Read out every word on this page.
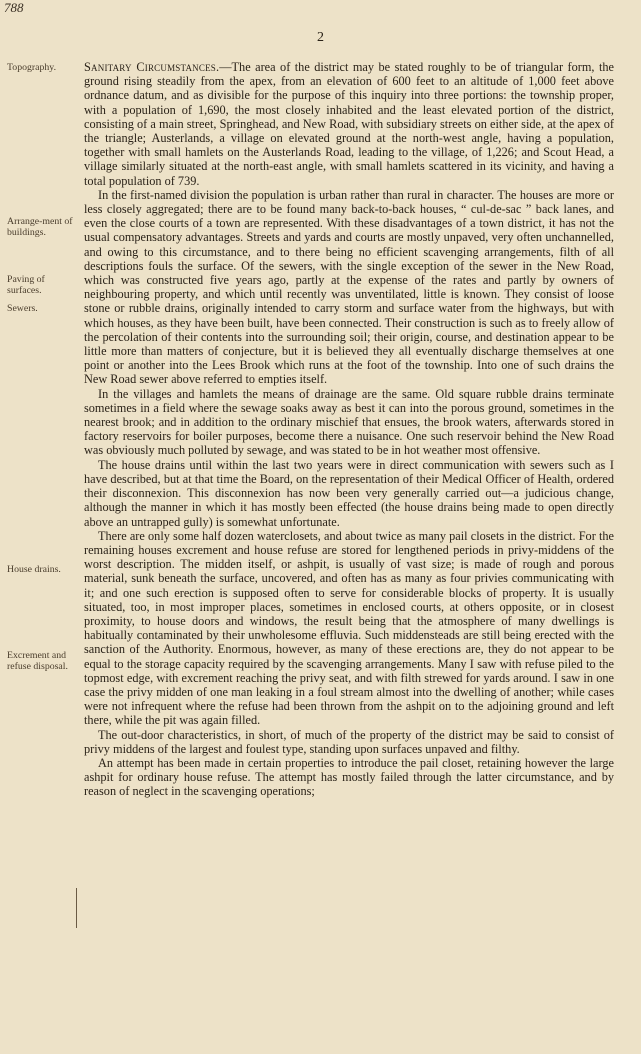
788
2
Topography.
Arrange-ment of buildings.
Paving of surfaces.
Sewers.
House drains.
Excrement and refuse disposal.

Sanitary Circumstances.—The area of the district may be stated roughly to be of triangular form, the ground rising steadily from the apex, from an elevation of 600 feet to an altitude of 1,000 feet above ordnance datum, and as divisible for the purpose of this inquiry into three portions: the township proper, with a population of 1,690, the most closely inhabited and the least elevated portion of the district, consisting of a main street, Springhead, and New Road, with subsidiary streets on either side, at the apex of the triangle; Austerlands, a village on elevated ground at the north-west angle, having a population, together with small hamlets on the Austerlands Road, leading to the village, of 1,226; and Scout Head, a village similarly situated at the north-east angle, with small hamlets scattered in its vicinity, and having a total population of 739.

In the first-named division the population is urban rather than rural in character. The houses are more or less closely aggregated; there are to be found many back-to-back houses, “ cul-de-sac ” back lanes, and even the close courts of a town are represented. With these disadvantages of a town district, it has not the usual compensatory advantages. Streets and yards and courts are mostly unpaved, very often unchannelled, and owing to this circumstance, and to there being no efficient scavenging arrangements, filth of all descriptions fouls the surface. Of the sewers, with the single exception of the sewer in the New Road, which was constructed five years ago, partly at the expense of the rates and partly by owners of neighbouring property, and which until recently was unventilated, little is known. They consist of loose stone or rubble drains, originally intended to carry storm and surface water from the highways, but with which houses, as they have been built, have been connected. Their construction is such as to freely allow of the percolation of their contents into the surrounding soil; their origin, course, and destination appear to be little more than matters of conjecture, but it is believed they all eventually discharge themselves at one point or another into the Lees Brook which runs at the foot of the township. Into one of such drains the New Road sewer above referred to empties itself.

In the villages and hamlets the means of drainage are the same. Old square rubble drains terminate sometimes in a field where the sewage soaks away as best it can into the porous ground, sometimes in the nearest brook; and in addition to the ordinary mischief that ensues, the brook waters, afterwards stored in factory reservoirs for boiler purposes, become there a nuisance. One such reservoir behind the New Road was obviously much polluted by sewage, and was stated to be in hot weather most offensive.

The house drains until within the last two years were in direct communication with sewers such as I have described, but at that time the Board, on the representation of their Medical Officer of Health, ordered their disconnexion. This disconnexion has now been very generally carried out—a judicious change, although the manner in which it has mostly been effected (the house drains being made to open directly above an untrapped gully) is somewhat unfortunate.

There are only some half dozen waterclosets, and about twice as many pail closets in the district. For the remaining houses excrement and house refuse are stored for lengthened periods in privy-middens of the worst description. The midden itself, or ashpit, is usually of vast size; is made of rough and porous material, sunk beneath the surface, uncovered, and often has as many as four privies communicating with it; and one such erection is supposed often to serve for considerable blocks of property. It is usually situated, too, in most improper places, sometimes in enclosed courts, at others opposite, or in closest proximity, to house doors and windows, the result being that the atmosphere of many dwellings is habitually contaminated by their unwholesome effluvia. Such middensteads are still being erected with the sanction of the Authority. Enormous, however, as many of these erections are, they do not appear to be equal to the storage capacity required by the scavenging arrangements. Many I saw with refuse piled to the topmost edge, with excrement reaching the privy seat, and with filth strewed for yards around. I saw in one case the privy midden of one man leaking in a foul stream almost into the dwelling of another; while cases were not infrequent where the refuse had been thrown from the ashpit on to the adjoining ground and left there, while the pit was again filled.

The out-door characteristics, in short, of much of the property of the district may be said to consist of privy middens of the largest and foulest type, standing upon surfaces unpaved and filthy.

An attempt has been made in certain properties to introduce the pail closet, retaining however the large ashpit for ordinary house refuse. The attempt has mostly failed through the latter circumstance, and by reason of neglect in the scavenging operations;
